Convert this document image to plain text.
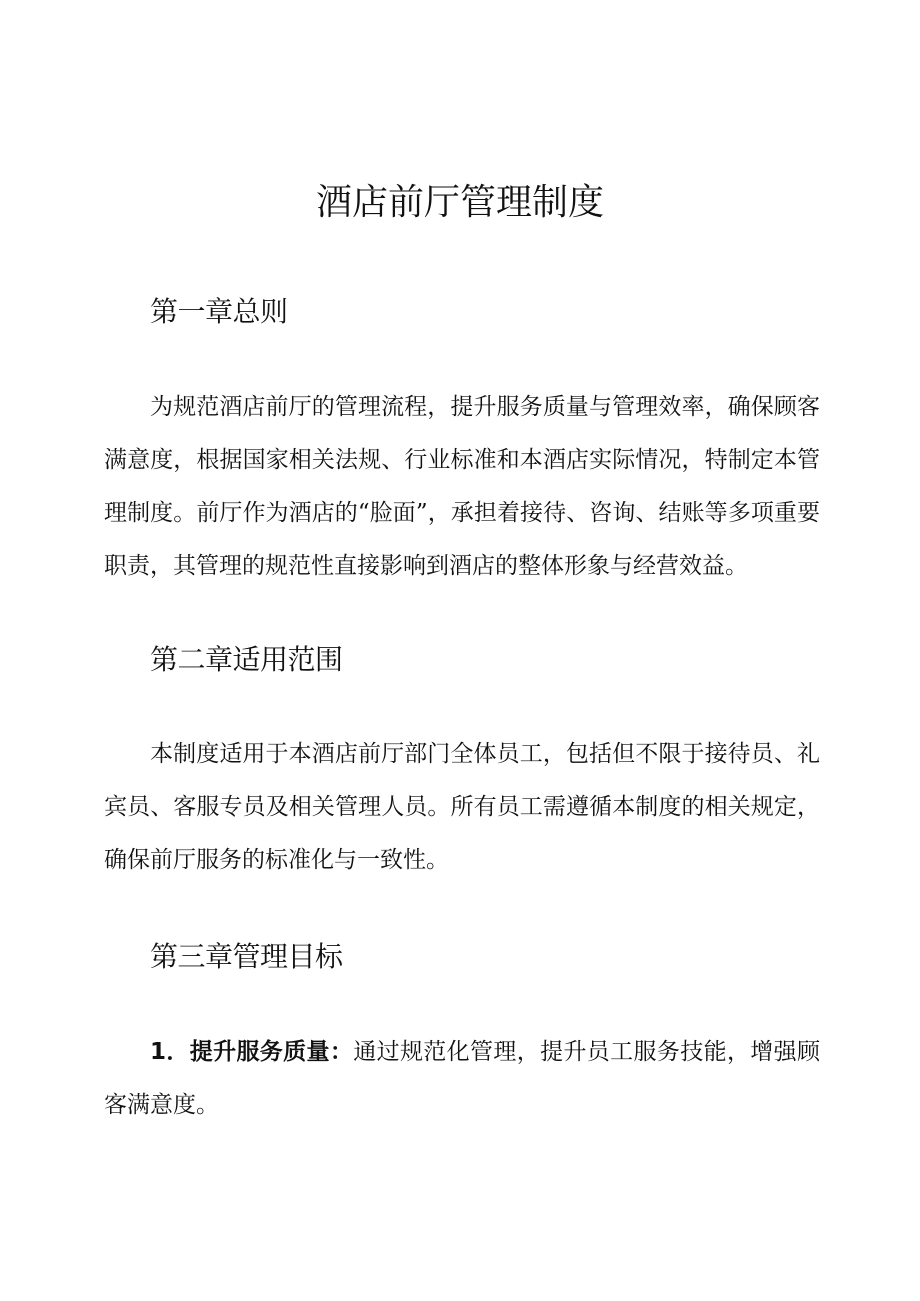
酒店前厅管理制度
第一章总则

为规范酒店前厅的管理流程，提升服务质量与管理效率，确保顾客满意度，根据国家相关法规、行业标准和本酒店实际情况，特制定本管理制度。前厅作为酒店的“脸面”，承担着接待、咨询、结账等多项重要职责，其管理的规范性直接影响到酒店的整体形象与经营效益。

第二章适用范围

本制度适用于本酒店前厅部门全体员工，包括但不限于接待员、礼宾员、客服专员及相关管理人员。所有员工需遵循本制度的相关规定，确保前厅服务的标准化与一致性。

第三章管理目标

1．提升服务质量：通过规范化管理，提升员工服务技能，增强顾客满意度。
